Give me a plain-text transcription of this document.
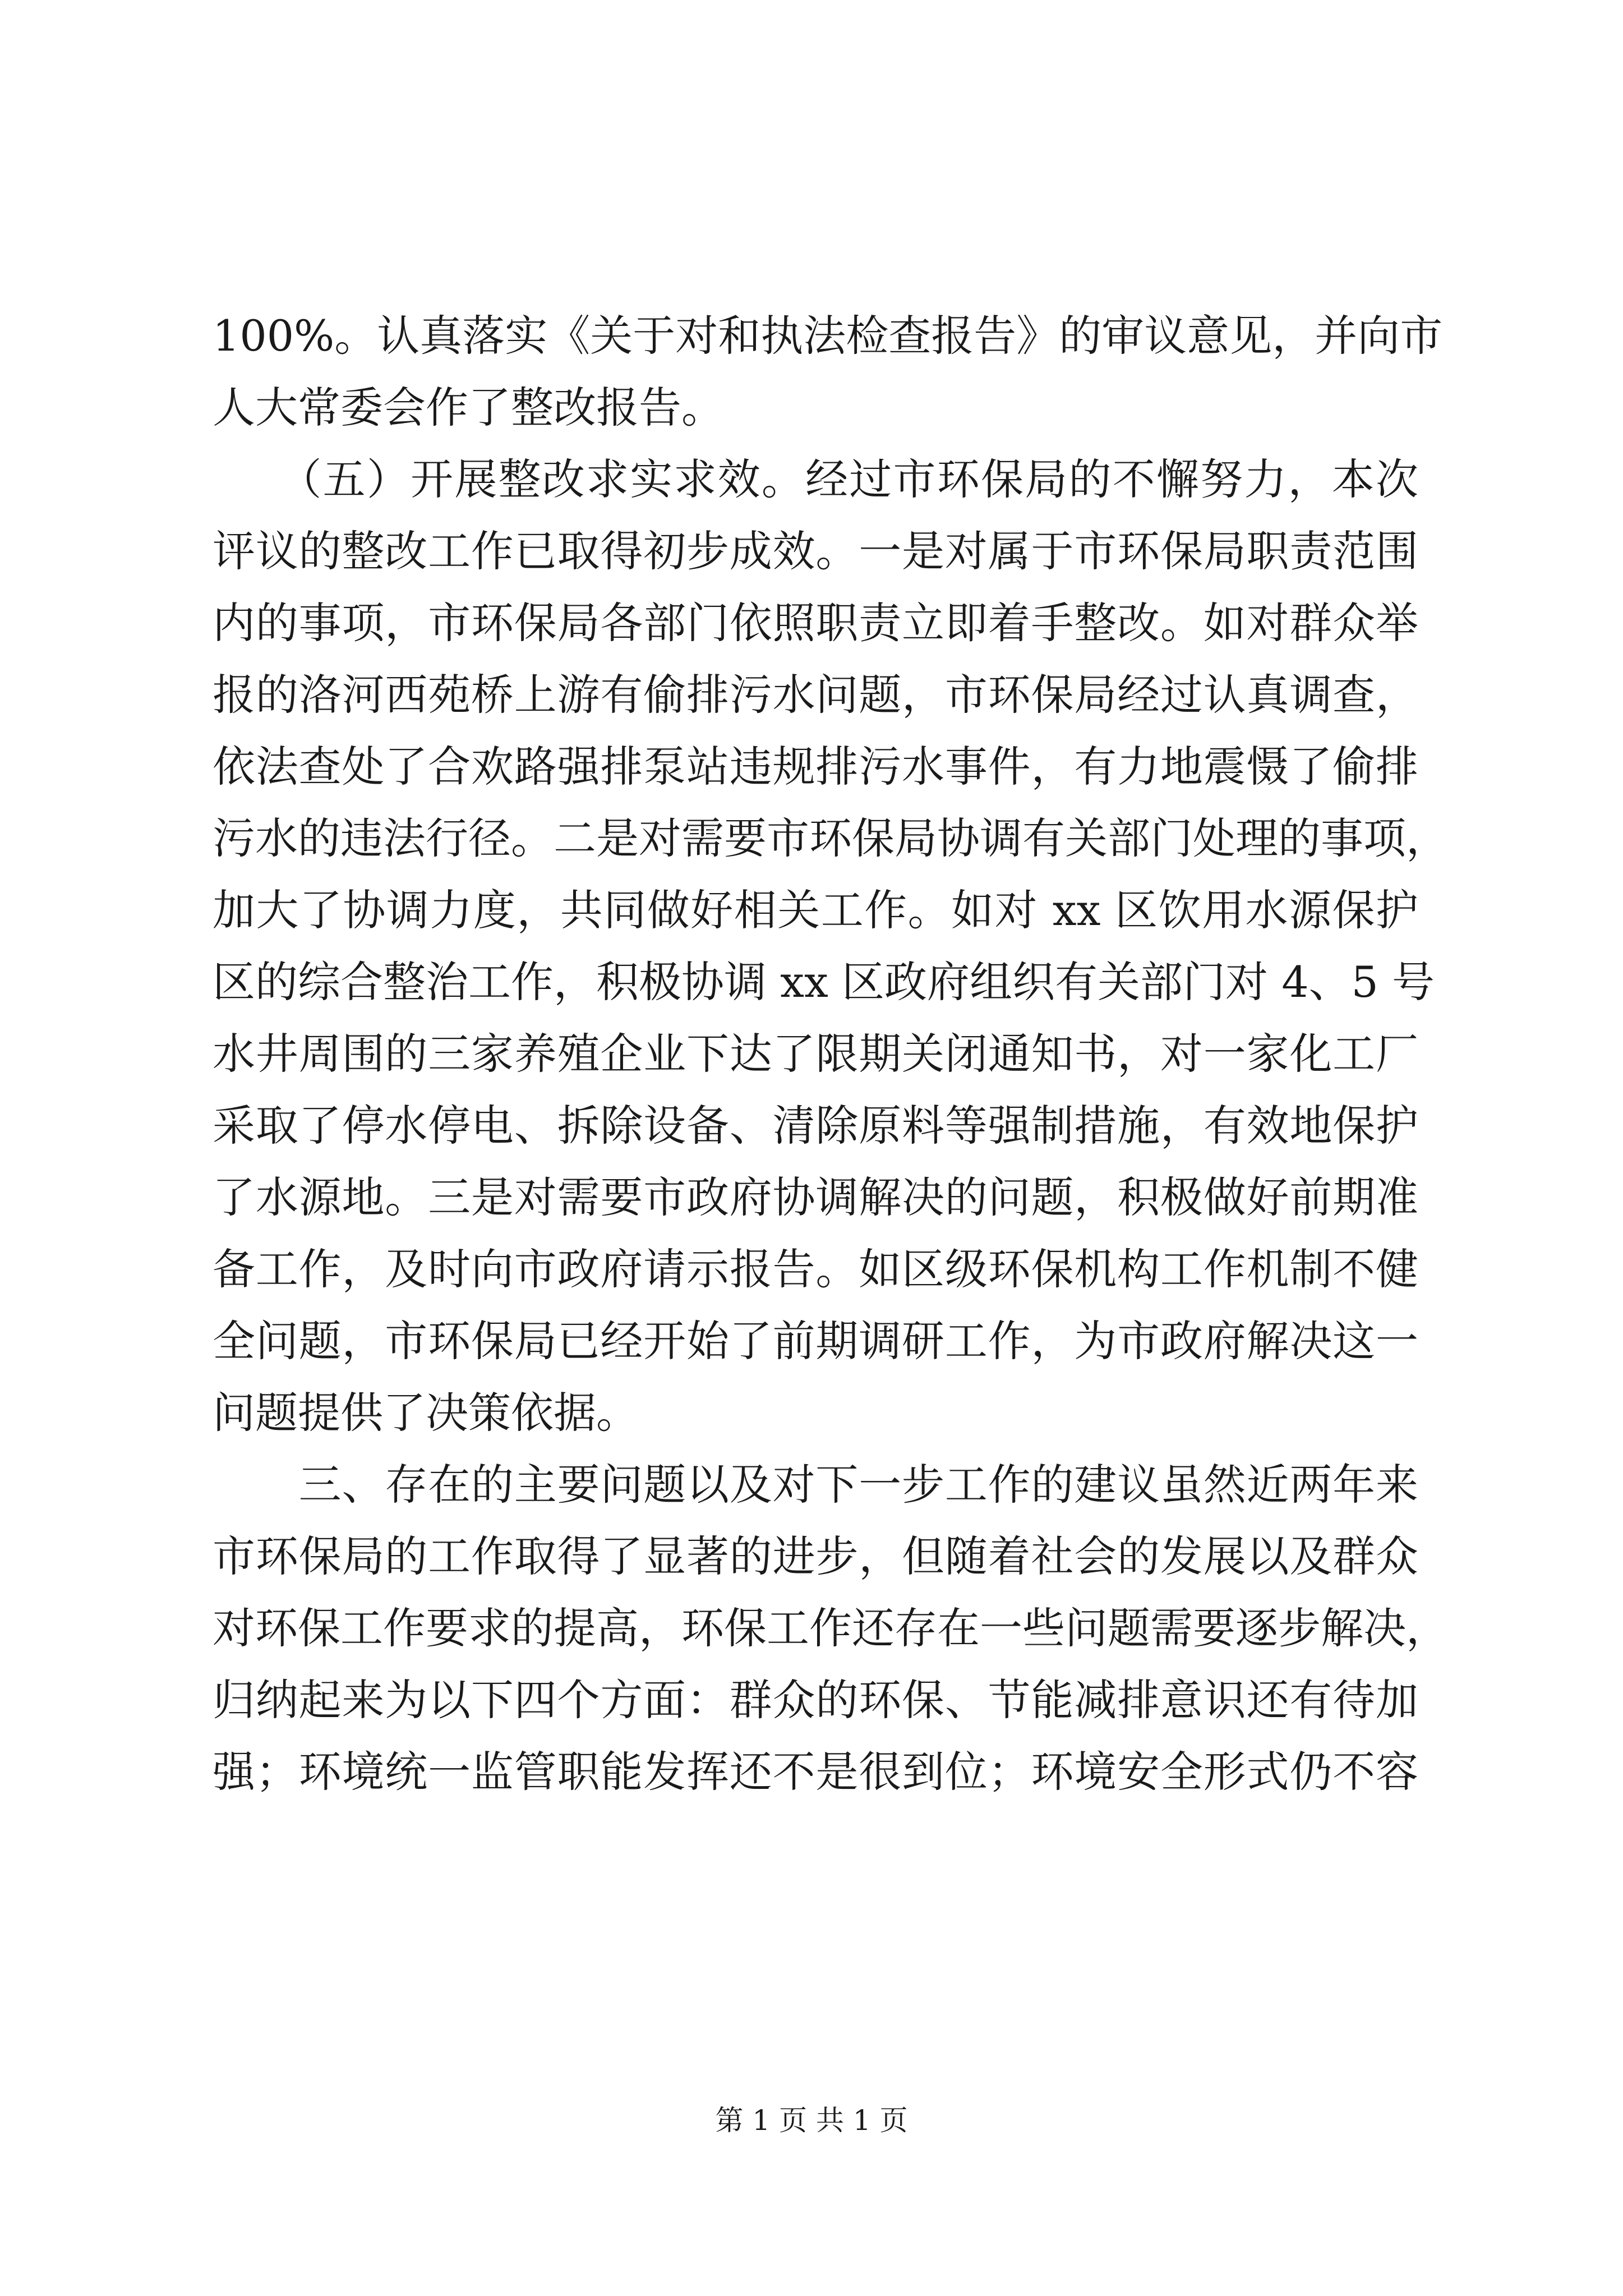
100%。认真落实《关于对和执法检查报告》的审议意见，并向市
人大常委会作了整改报告。
　　（五）开展整改求实求效。经过市环保局的不懈努力，本次
评议的整改工作已取得初步成效。一是对属于市环保局职责范围
内的事项，市环保局各部门依照职责立即着手整改。如对群众举
报的洛河西苑桥上游有偷排污水问题，市环保局经过认真调查，
依法查处了合欢路强排泵站违规排污水事件，有力地震慑了偷排
污水的违法行径。二是对需要市环保局协调有关部门处理的事项，
加大了协调力度，共同做好相关工作。如对 xx 区饮用水源保护
区的综合整治工作，积极协调 xx 区政府组织有关部门对 4、5 号
水井周围的三家养殖企业下达了限期关闭通知书，对一家化工厂
采取了停水停电、拆除设备、清除原料等强制措施，有效地保护
了水源地。三是对需要市政府协调解决的问题，积极做好前期准
备工作，及时向市政府请示报告。如区级环保机构工作机制不健
全问题，市环保局已经开始了前期调研工作，为市政府解决这一
问题提供了决策依据。
　　三、存在的主要问题以及对下一步工作的建议虽然近两年来
市环保局的工作取得了显著的进步，但随着社会的发展以及群众
对环保工作要求的提高，环保工作还存在一些问题需要逐步解决，
归纳起来为以下四个方面：群众的环保、节能减排意识还有待加
强；环境统一监管职能发挥还不是很到位；环境安全形式仍不容
第 1 页 共 1 页
